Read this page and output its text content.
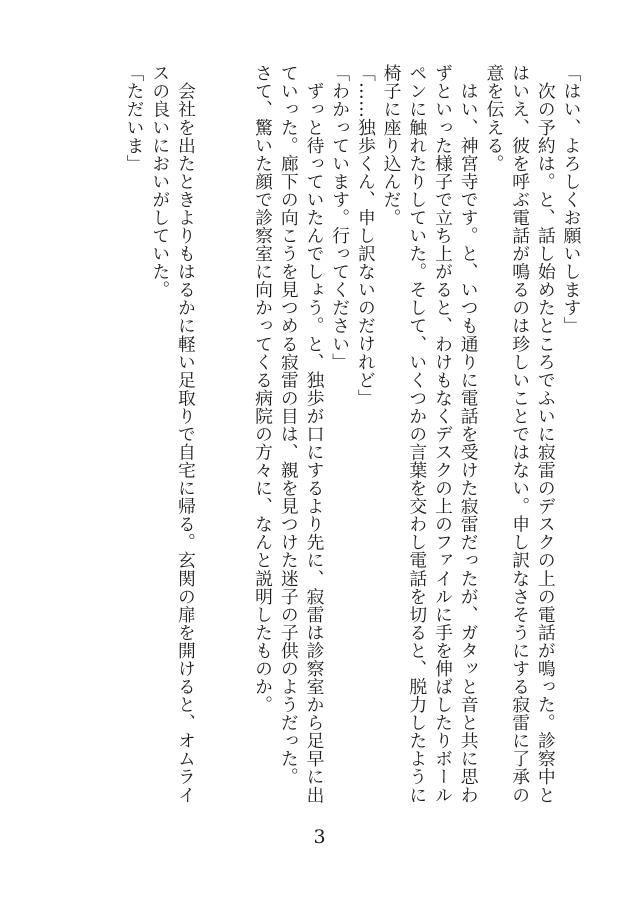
「はい、よろしくお願いします」
　次の予約は。と、話し始めたところでふいに寂雷のデスクの上の電話が鳴った。診察中と
はいえ、彼を呼ぶ電話が鳴るのは珍しいことではない。申し訳なさそうにする寂雷に了承の
意を伝える。
　はい、神宮寺です。と、いつも通りに電話を受けた寂雷だったが、ガタッと音と共に思わ
ずといった様子で立ち上がると、わけもなくデスクの上のファイルに手を伸ばしたりボール
ペンに触れたりしていた。そして、いくつかの言葉を交わし電話を切ると、脱力したように
椅子に座り込んだ。
「……独歩くん、申し訳ないのだけれど」
「わかっています。行ってください」
　ずっと待っていたんでしょう。と、独歩が口にするより先に、寂雷は診察室から足早に出
ていった。廊下の向こうを見つめる寂雷の目は、親を見つけた迷子の子供のようだった。
さて、驚いた顔で診察室に向かってくる病院の方々に、なんと説明したものか。

　会社を出たときよりもはるかに軽い足取りで自宅に帰る。玄関の扉を開けると、オムライ
スの良いにおいがしていた。
「ただいま」
3
